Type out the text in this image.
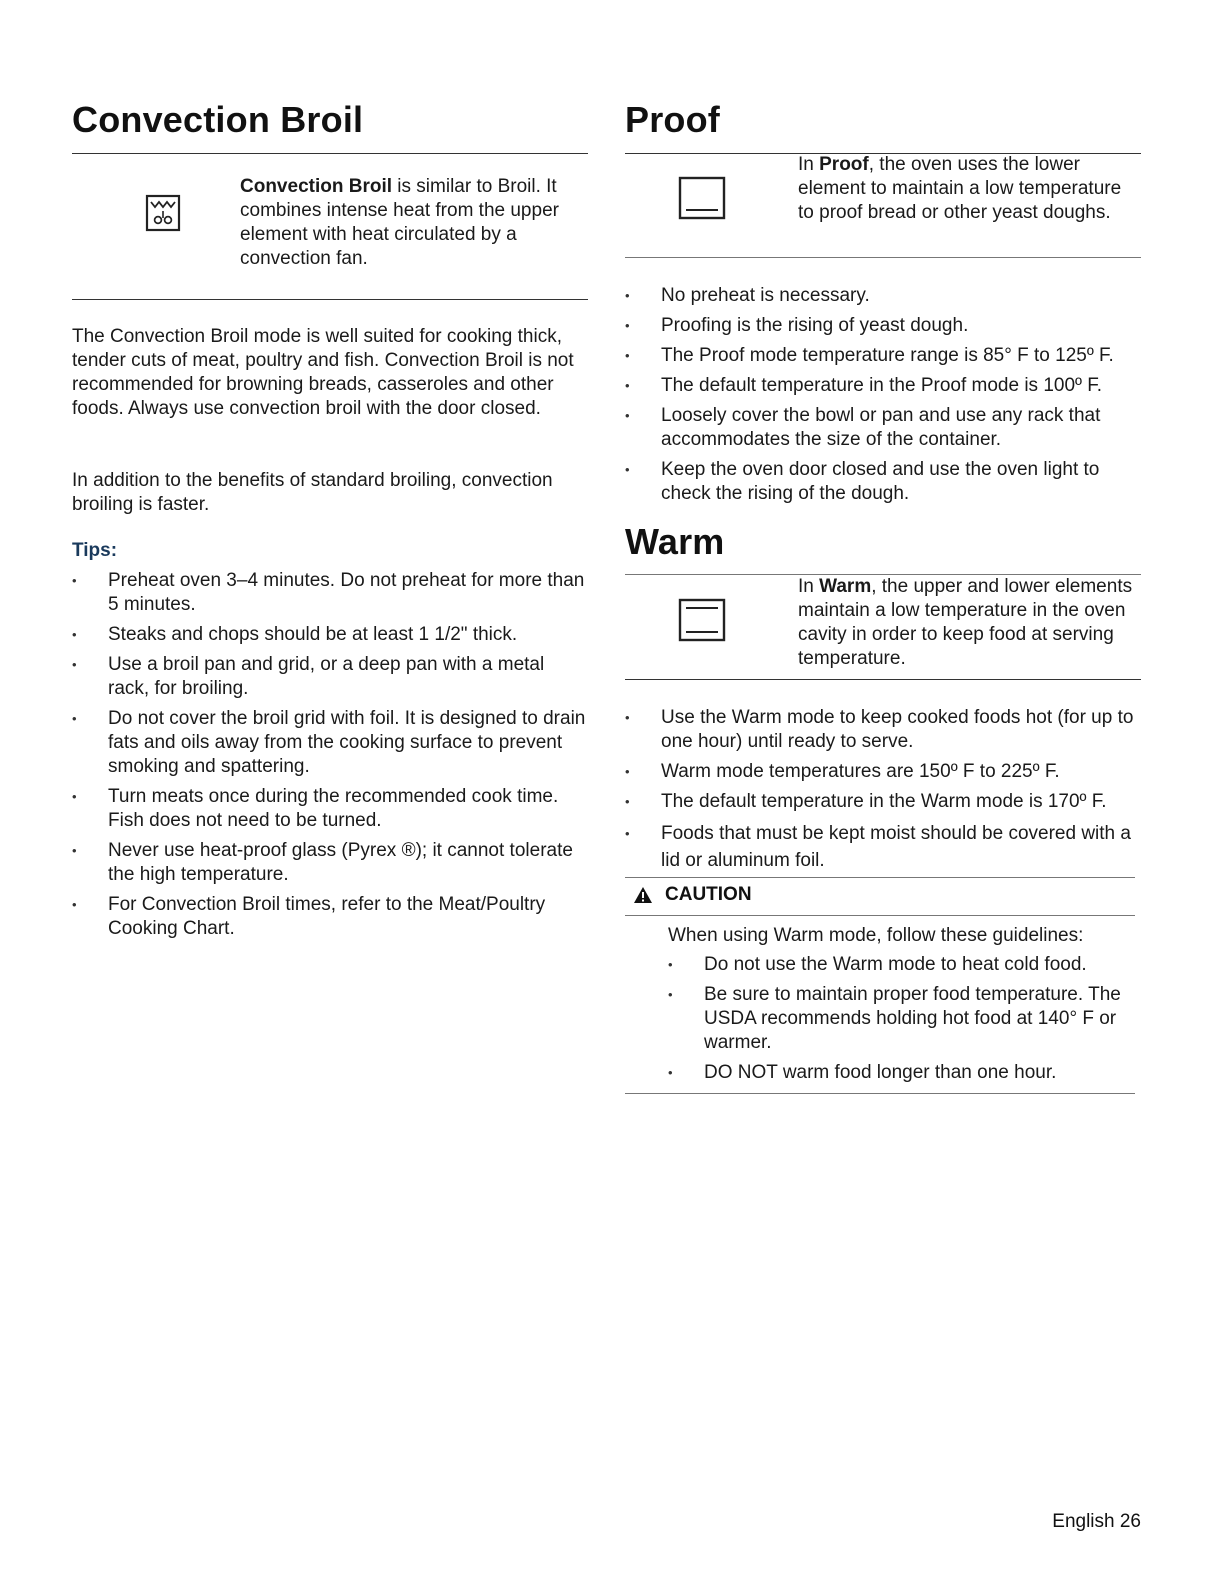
Convection Broil
Convection Broil is similar to Broil. It combines intense heat from the upper element with heat circulated by a convection fan.

The Convection Broil mode is well suited for cooking thick, tender cuts of meat, poultry and fish. Convection Broil is not recommended for browning breads, casseroles and other foods. Always use convection broil with the door closed.

In addition to the benefits of standard broiling, convection broiling is faster.

Tips:
• Preheat oven 3–4 minutes. Do not preheat for more than 5 minutes.
• Steaks and chops should be at least 1 1/2" thick.
• Use a broil pan and grid, or a deep pan with a metal rack, for broiling.
• Do not cover the broil grid with foil. It is designed to drain fats and oils away from the cooking surface to prevent smoking and spattering.
• Turn meats once during the recommended cook time. Fish does not need to be turned.
• Never use heat-proof glass (Pyrex ®); it cannot tolerate the high temperature.
• For Convection Broil times, refer to the Meat/Poultry Cooking Chart.
Proof
In Proof, the oven uses the lower element to maintain a low temperature to proof bread or other yeast doughs.
• No preheat is necessary.
• Proofing is the rising of yeast dough.
• The Proof mode temperature range is 85° F to 125º F.
• The default temperature in the Proof mode is 100º F.
• Loosely cover the bowl or pan and use any rack that accommodates the size of the container.
• Keep the oven door closed and use the oven light to check the rising of the dough.
Warm
In Warm, the upper and lower elements maintain a low temperature in the oven cavity in order to keep food at serving temperature.
• Use the Warm mode to keep cooked foods hot (for up to one hour) until ready to serve.
• Warm mode temperatures are 150º F to 225º F.
• The default temperature in the Warm mode is 170º F.
• Foods that must be kept moist should be covered with a lid or aluminum foil.
CAUTION
When using Warm mode, follow these guidelines:
• Do not use the Warm mode to heat cold food.
• Be sure to maintain proper food temperature. The USDA recommends holding hot food at 140° F or warmer.
• DO NOT warm food longer than one hour.
English 26
